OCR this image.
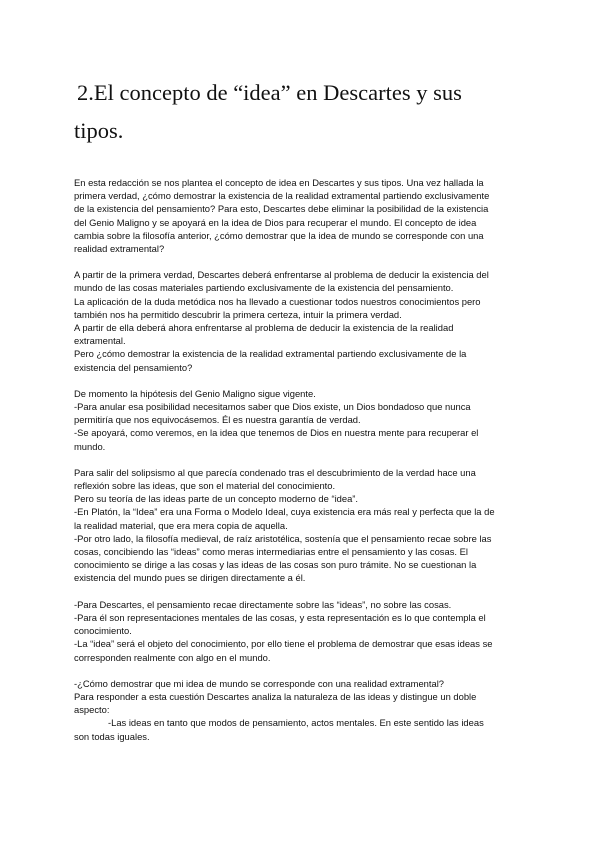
2.El concepto de “idea” en Descartes y sus
tipos.
En esta redacción se nos plantea el concepto de idea en Descartes y sus tipos. Una vez hallada la
primera verdad, ¿cómo demostrar la existencia de la realidad extramental partiendo exclusivamente
de la existencia del pensamiento? Para esto, Descartes debe eliminar la posibilidad de la existencia
del Genio Maligno y se apoyará en la idea de Dios para recuperar el mundo. El concepto de idea
cambia sobre la filosofía anterior, ¿cómo demostrar que la idea de mundo se corresponde con una
realidad extramental?
A partir de la primera verdad, Descartes deberá enfrentarse al problema de deducir la existencia del
mundo de las cosas materiales partiendo exclusivamente de la existencia del pensamiento.
La aplicación de la duda metódica nos ha llevado a cuestionar todos nuestros conocimientos pero
también nos ha permitido descubrir la primera certeza, intuir la primera verdad.
A partir de ella deberá ahora enfrentarse al problema de deducir la existencia de la realidad
extramental.
Pero ¿cómo demostrar la existencia de la realidad extramental partiendo exclusivamente de la
existencia del pensamiento?
De momento la hipótesis del Genio Maligno sigue vigente.
-Para anular esa posibilidad necesitamos saber que Dios existe, un Dios bondadoso que nunca
permitiría que nos equivocásemos. Él es nuestra garantía de verdad.
-Se apoyará, como veremos, en la idea que tenemos de Dios en nuestra mente para recuperar el
mundo.
Para salir del solipsismo al que parecía condenado tras el descubrimiento de la verdad hace una
reflexión sobre las ideas, que son el material del conocimiento.
Pero su teoría de las ideas parte de un concepto moderno de “idea”.
-En Platón, la “Idea” era una Forma o Modelo Ideal, cuya existencia era más real y perfecta que la de
la realidad material, que era mera copia de aquella.
-Por otro lado, la filosofía medieval, de raíz aristotélica, sostenía que el pensamiento recae sobre las
cosas, concibiendo las “ideas” como meras intermediarias entre el pensamiento y las cosas. El
conocimiento se dirige a las cosas y las ideas de las cosas son puro trámite. No se cuestionan la
existencia del mundo pues se dirigen directamente a él.
-Para Descartes, el pensamiento recae directamente sobre las “ideas”, no sobre las cosas.
-Para él son representaciones mentales de las cosas, y esta representación es lo que contempla el
conocimiento.
-La “idea” será el objeto del conocimiento, por ello tiene el problema de demostrar que esas ideas se
corresponden realmente con algo en el mundo.
-¿Cómo demostrar que mi idea de mundo se corresponde con una realidad extramental?
Para responder a esta cuestión Descartes analiza la naturaleza de las ideas y distingue un doble
aspecto:
-Las ideas en tanto que modos de pensamiento, actos mentales. En este sentido las ideas
son todas iguales.
